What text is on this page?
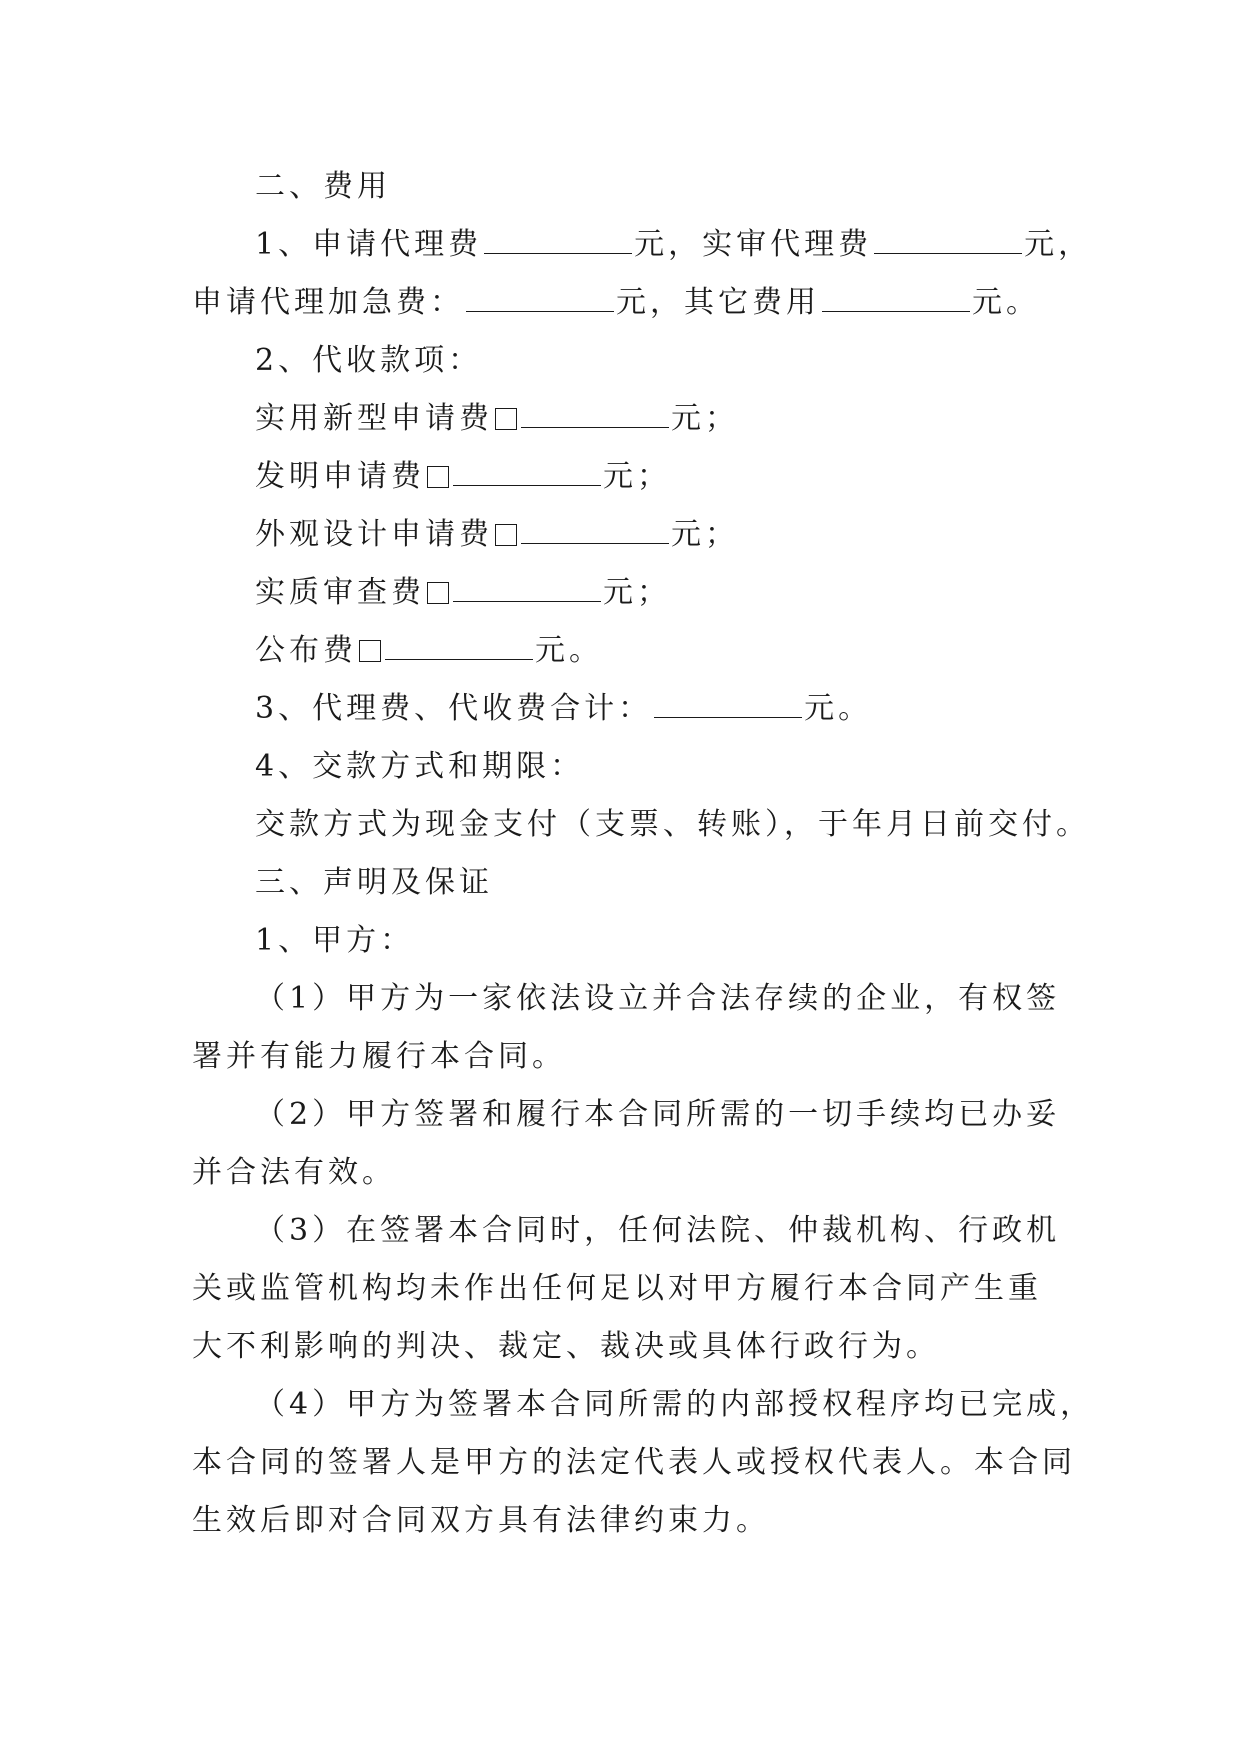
二、费用
1、申请代理费	元，实审代理费	元，
申请代理加急费：	元，其它费用	元。
2、代收款项：
实用新型申请费	元；
发明申请费	元；
外观设计申请费	元；
实质审查费	元；
公布费	元。
3、代理费、代收费合计：	元。
4、交款方式和期限：
交款方式为现金支付（支票、转账），于年月日前交付。
三、声明及保证
1、甲方：
（1）甲方为一家依法设立并合法存续的企业，有权签
署并有能力履行本合同。
（2）甲方签署和履行本合同所需的一切手续均已办妥
并合法有效。
（3）在签署本合同时，任何法院、仲裁机构、行政机
关或监管机构均未作出任何足以对甲方履行本合同产生重
大不利影响的判决、裁定、裁决或具体行政行为。
（4）甲方为签署本合同所需的内部授权程序均已完成，
本合同的签署人是甲方的法定代表人或授权代表人。本合同
生效后即对合同双方具有法律约束力。
